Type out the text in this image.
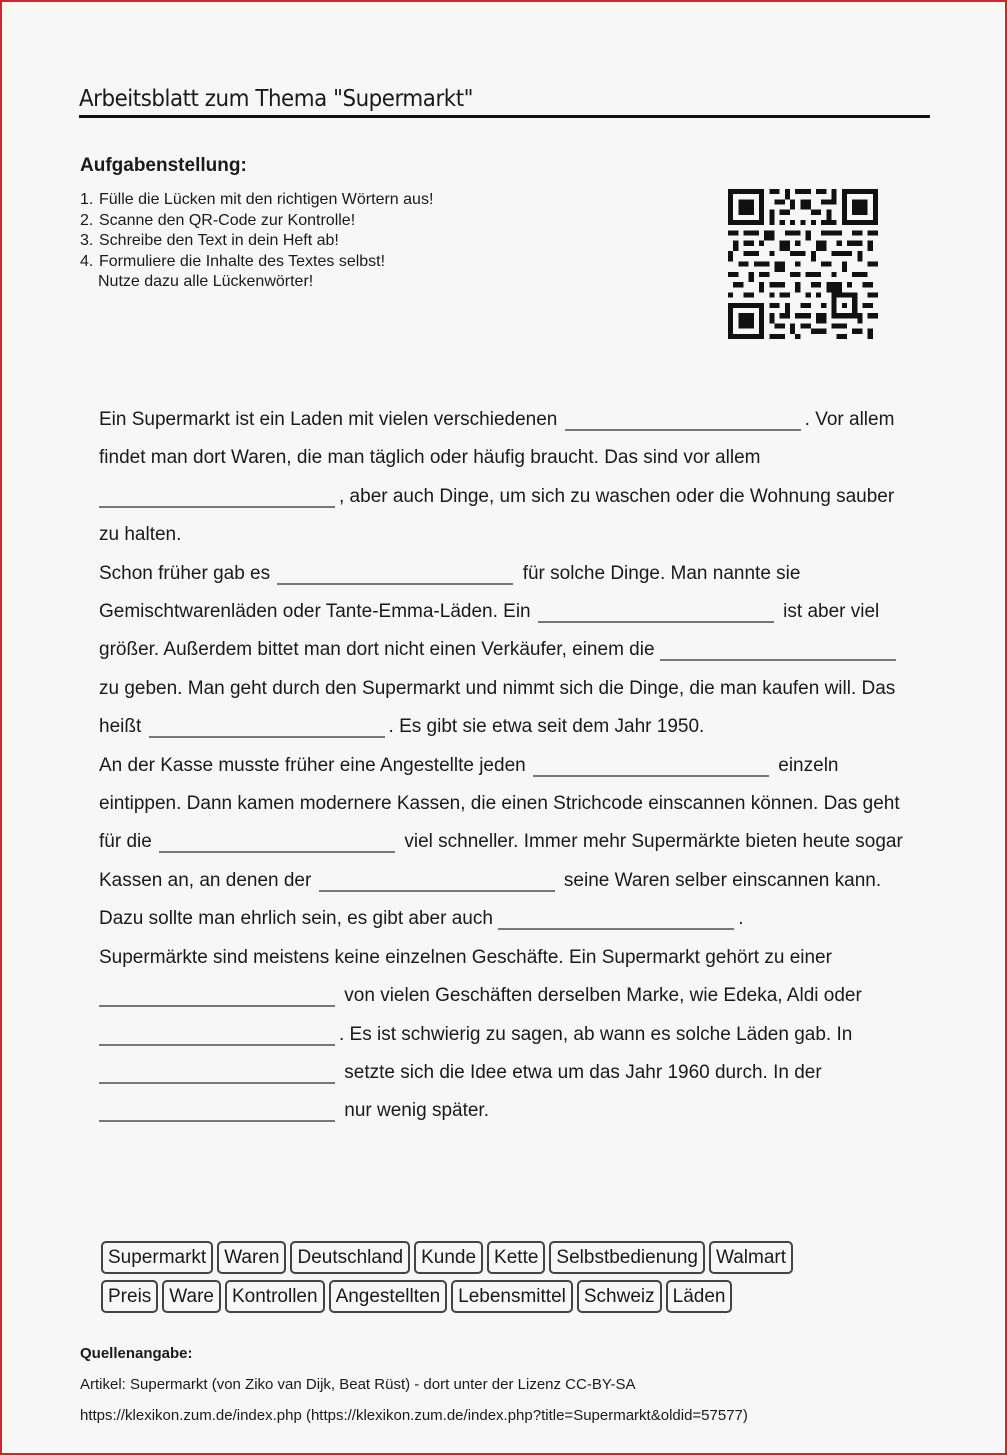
Arbeitsblatt zum Thema "Supermarkt"
Aufgabenstellung:
1. Fülle die Lücken mit den richtigen Wörtern aus!
2. Scanne den QR-Code zur Kontrolle!
3. Schreibe den Text in dein Heft ab!
4. Formuliere die Inhalte des Textes selbst!
Nutze dazu alle Lückenwörter!

Ein Supermarkt ist ein Laden mit vielen verschiedenen	. Vor allem findet man dort Waren, die man täglich oder häufig braucht. Das sind vor allem , aber auch Dinge, um sich zu waschen oder die Wohnung sauber zu halten.

Schon früher gab es	für solche Dinge. Man nannte sie Gemischtwarenläden oder Tante-Emma-Läden. Ein	ist aber viel größer. Außerdem bittet man dort nicht einen Verkäufer, einem die  zu geben. Man geht durch den Supermarkt und nimmt sich die Dinge, die man kaufen will. Das heißt	. Es gibt sie etwa seit dem Jahr 1950.

An der Kasse musste früher eine Angestellte jeden	einzeln eintippen. Dann kamen modernere Kassen, die einen Strichcode einscannen können. Das geht für die	viel schneller. Immer mehr Supermärkte bieten heute sogar Kassen an, an denen der	seine Waren selber einscannen kann. Dazu sollte man ehrlich sein, es gibt aber auch	.

Supermärkte sind meistens keine einzelnen Geschäfte. Ein Supermarkt gehört zu einer  von vielen Geschäften derselben Marke, wie Edeka, Aldi oder . Es ist schwierig zu sagen, ab wann es solche Läden gab. In  setzte sich die Idee etwa um das Jahr 1960 durch. In der  nur wenig später.

Supermarkt Waren Deutschland Kunde Kette Selbstbedienung Walmart
Preis Ware Kontrollen Angestellten Lebensmittel Schweiz Läden
Quellenangabe:
Artikel: Supermarkt (von Ziko van Dijk, Beat Rüst) - dort unter der Lizenz CC-BY-SA
https://klexikon.zum.de/index.php (https://klexikon.zum.de/index.php?title=Supermarkt&oldid=57577)
